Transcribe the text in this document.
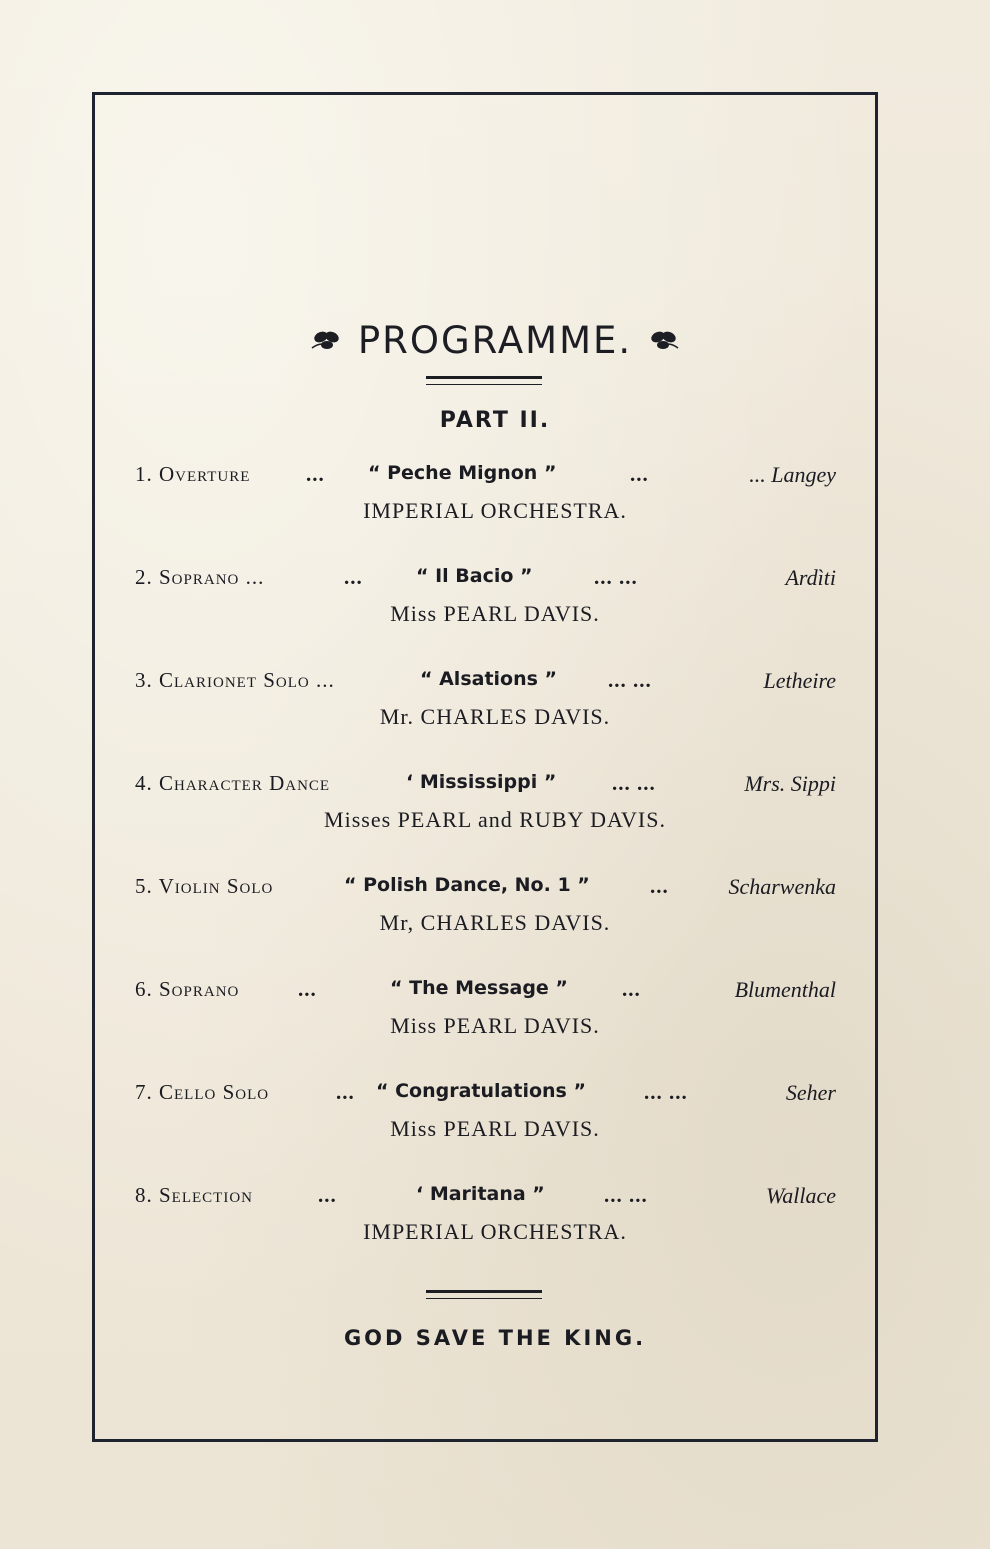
PROGRAMME.
PART II.
1. Overture	... “ Peche Mignon ”	...	... Langey
IMPERIAL ORCHESTRA.
2. Soprano ...	...	“ Il Bacio ”	... ...	Ardìti
Miss PEARL DAVIS.
3. Clarionet Solo ...	“ Alsations ” ... ...	Letheire
Mr. CHARLES DAVIS.
4. Character Dance	‘ Mississippi ”	... ...	Mrs. Sippi
Misses PEARL and RUBY DAVIS.
5. Violin Solo	“ Polish Dance, No. 1 ”	...	Scharwenka
Mr, CHARLES DAVIS.
6. Soprano	...	“ The Message ”	...	Blumenthal
Miss PEARL DAVIS.
7. Cello Solo	... “ Congratulations ”	... ...	Seher
Miss PEARL DAVIS.
8. Selection	...	‘ Maritana ”	... ...	Wallace
IMPERIAL ORCHESTRA.
GOD SAVE THE KING.
